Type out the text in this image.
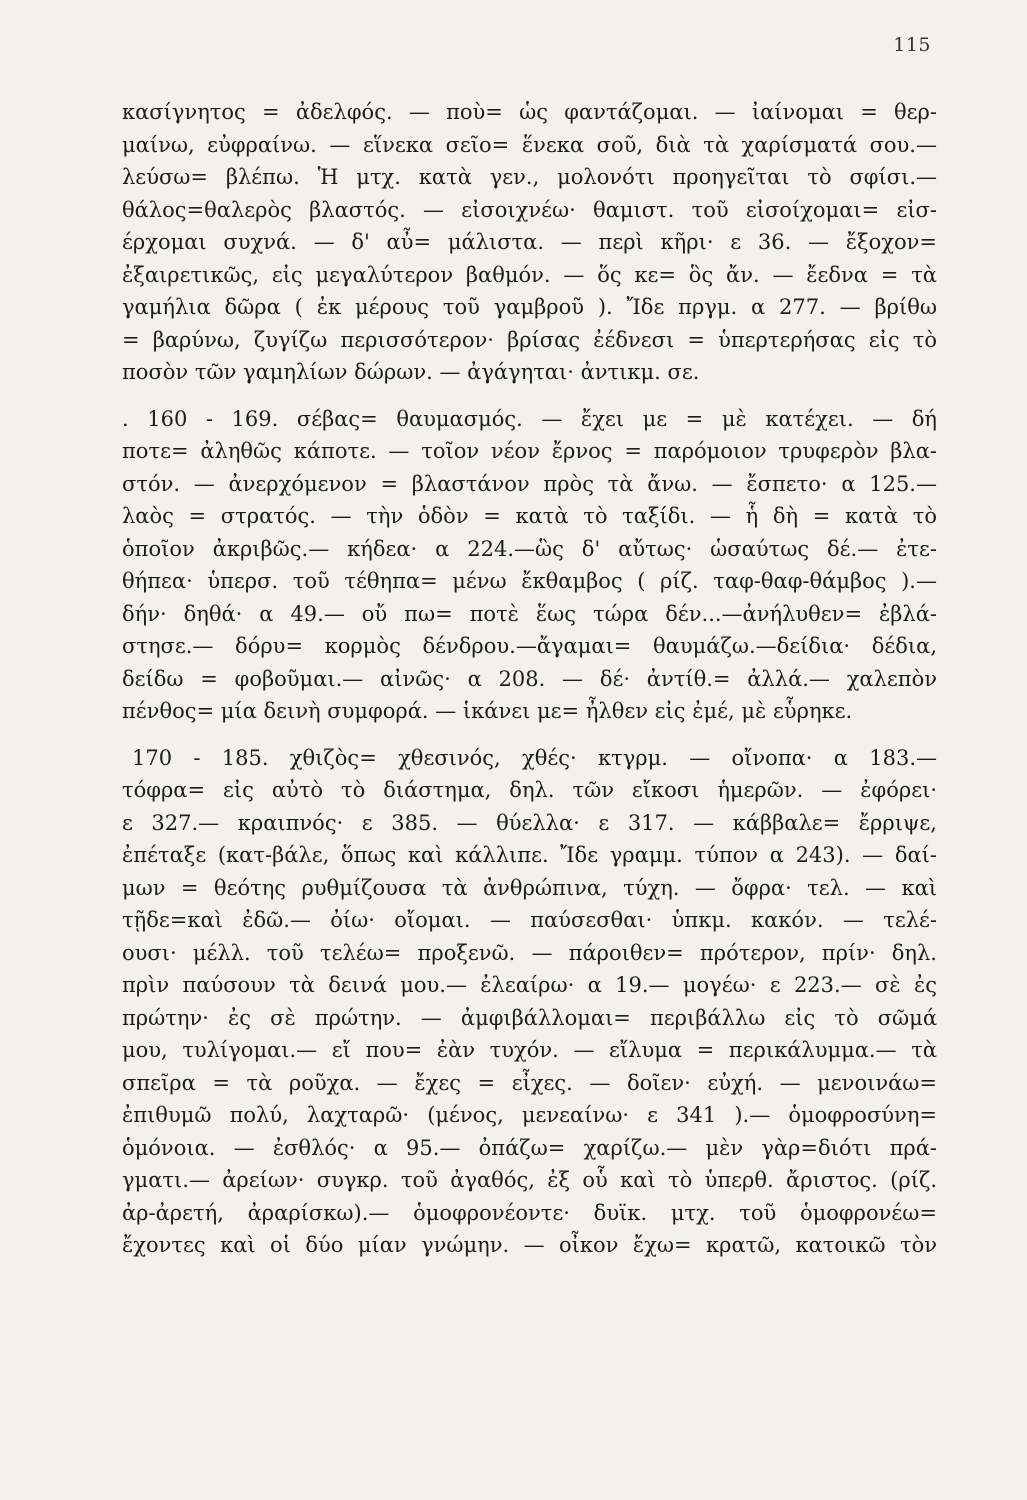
115
κασίγνητος = ἀδελφός. — ποὺ= ὡς φαντάζομαι. — ἰαίνομαι = θερ-
μαίνω, εὐφραίνω. — εἵνεκα σεῖο= ἕνεκα σοῦ, διὰ τὰ χαρίσματά σου.—
λεύσω= βλέπω. Ἡ μτχ. κατὰ γεν., μολονότι προηγεῖται τὸ σφίσι.—
θάλος=θαλερὸς βλαστός. — εἰσοιχνέω· θαμιστ. τοῦ εἰσοίχομαι= εἰσ-
έρχομαι συχνά. — δ' αὖ= μάλιστα. — περὶ κῆρι· ε 36. — ἔξοχον=
ἐξαιρετικῶς, εἰς μεγαλύτερον βαθμόν. — ὅς κε= ὃς ἄν. — ἔεδνα = τὰ
γαμήλια δῶρα ( ἐκ μέρους τοῦ γαμβροῦ ). Ἴδε πργμ. α 277. — βρίθω
= βαρύνω, ζυγίζω περισσότερον· βρίσας ἐέδνεσι = ὑπερτερήσας εἰς τὸ
ποσὸν τῶν γαμηλίων δώρων. — ἀγάγηται· ἀντικμ. σε.
. 160 - 169. σέβας= θαυμασμός. — ἔχει με = μὲ κατέχει. — δή
ποτε= ἀληθῶς κάποτε. — τοῖον νέον ἔρνος = παρόμοιον τρυφερὸν βλα-
στόν. — ἀνερχόμενον = βλαστάνον πρὸς τὰ ἄνω. — ἔσπετο· α 125.—
λαὸς = στρατός. — τὴν ὁδὸν = κατὰ τὸ ταξίδι. — ἧ δὴ = κατὰ τὸ
ὁποῖον ἀκριβῶς.— κήδεα· α 224.—ὣς δ' αὔτως· ὡσαύτως δέ.— ἐτε-
θήπεα· ὑπερσ. τοῦ τέθηπα= μένω ἔκθαμβος ( ρίζ. ταφ-θαφ-θάμβος ).—
δήν· δηθά· α 49.— οὔ πω= ποτὲ ἕως τώρα δέν...—ἀνήλυθεν= ἐβλά-
στησε.— δόρυ= κορμὸς δένδρου.—ἄγαμαι= θαυμάζω.—δείδια· δέδια,
δείδω = φοβοῦμαι.— αἰνῶς· α 208. — δέ· ἀντίθ.= ἀλλά.— χαλεπὸν
πένθος= μία δεινὴ συμφορά. — ἱκάνει με= ἦλθεν εἰς ἐμέ, μὲ εὗρηκε.
170 - 185. χθιζὸς= χθεσινός, χθές· κτγρμ. — οἴνοπα· α 183.—
τόφρα= εἰς αὐτὸ τὸ διάστημα, δηλ. τῶν εἴκοσι ἡμερῶν. — ἐφόρει·
ε 327.— κραιπνός· ε 385. — θύελλα· ε 317. — κάββαλε= ἔρριψε,
ἐπέταξε (κατ-βάλε, ὅπως καὶ κάλλιπε. Ἴδε γραμμ. τύπον α 243). — δαί-
μων = θεότης ρυθμίζουσα τὰ ἀνθρώπινα, τύχη. — ὄφρα· τελ. — καὶ
τῇδε=καὶ ἐδῶ.— ὀίω· οἴομαι. — παύσεσθαι· ὑπκμ. κακόν. — τελέ-
ουσι· μέλλ. τοῦ τελέω= προξενῶ. — πάροιθεν= πρότερον, πρίν· δηλ.
πρὶν παύσουν τὰ δεινά μου.— ἐλεαίρω· α 19.— μογέω· ε 223.— σὲ ἐς
πρώτην· ἐς σὲ πρώτην. — ἀμφιβάλλομαι= περιβάλλω εἰς τὸ σῶμά
μου, τυλίγομαι.— εἴ που= ἐὰν τυχόν. — εἴλυμα = περικάλυμμα.— τὰ
σπεῖρα = τὰ ροῦχα. — ἔχες = εἶχες. — δοῖεν· εὐχή. — μενοινάω=
ἐπιθυμῶ πολύ, λαχταρῶ· (μένος, μενεαίνω· ε 341 ).— ὁμοφροσύνη=
ὁμόνοια. — ἐσθλός· α 95.— ὀπάζω= χαρίζω.— μὲν γὰρ=διότι πρά-
γματι.— ἀρείων· συγκρ. τοῦ ἀγαθός, ἐξ οὗ καὶ τὸ ὑπερθ. ἄριστος. (ρίζ.
ἀρ-ἀρετή, ἀραρίσκω).— ὁμοφρονέοντε· δυϊκ. μτχ. τοῦ ὁμοφρονέω=
ἔχοντες καὶ οἱ δύο μίαν γνώμην. — οἶκον ἔχω= κρατῶ, κατοικῶ τὸν
